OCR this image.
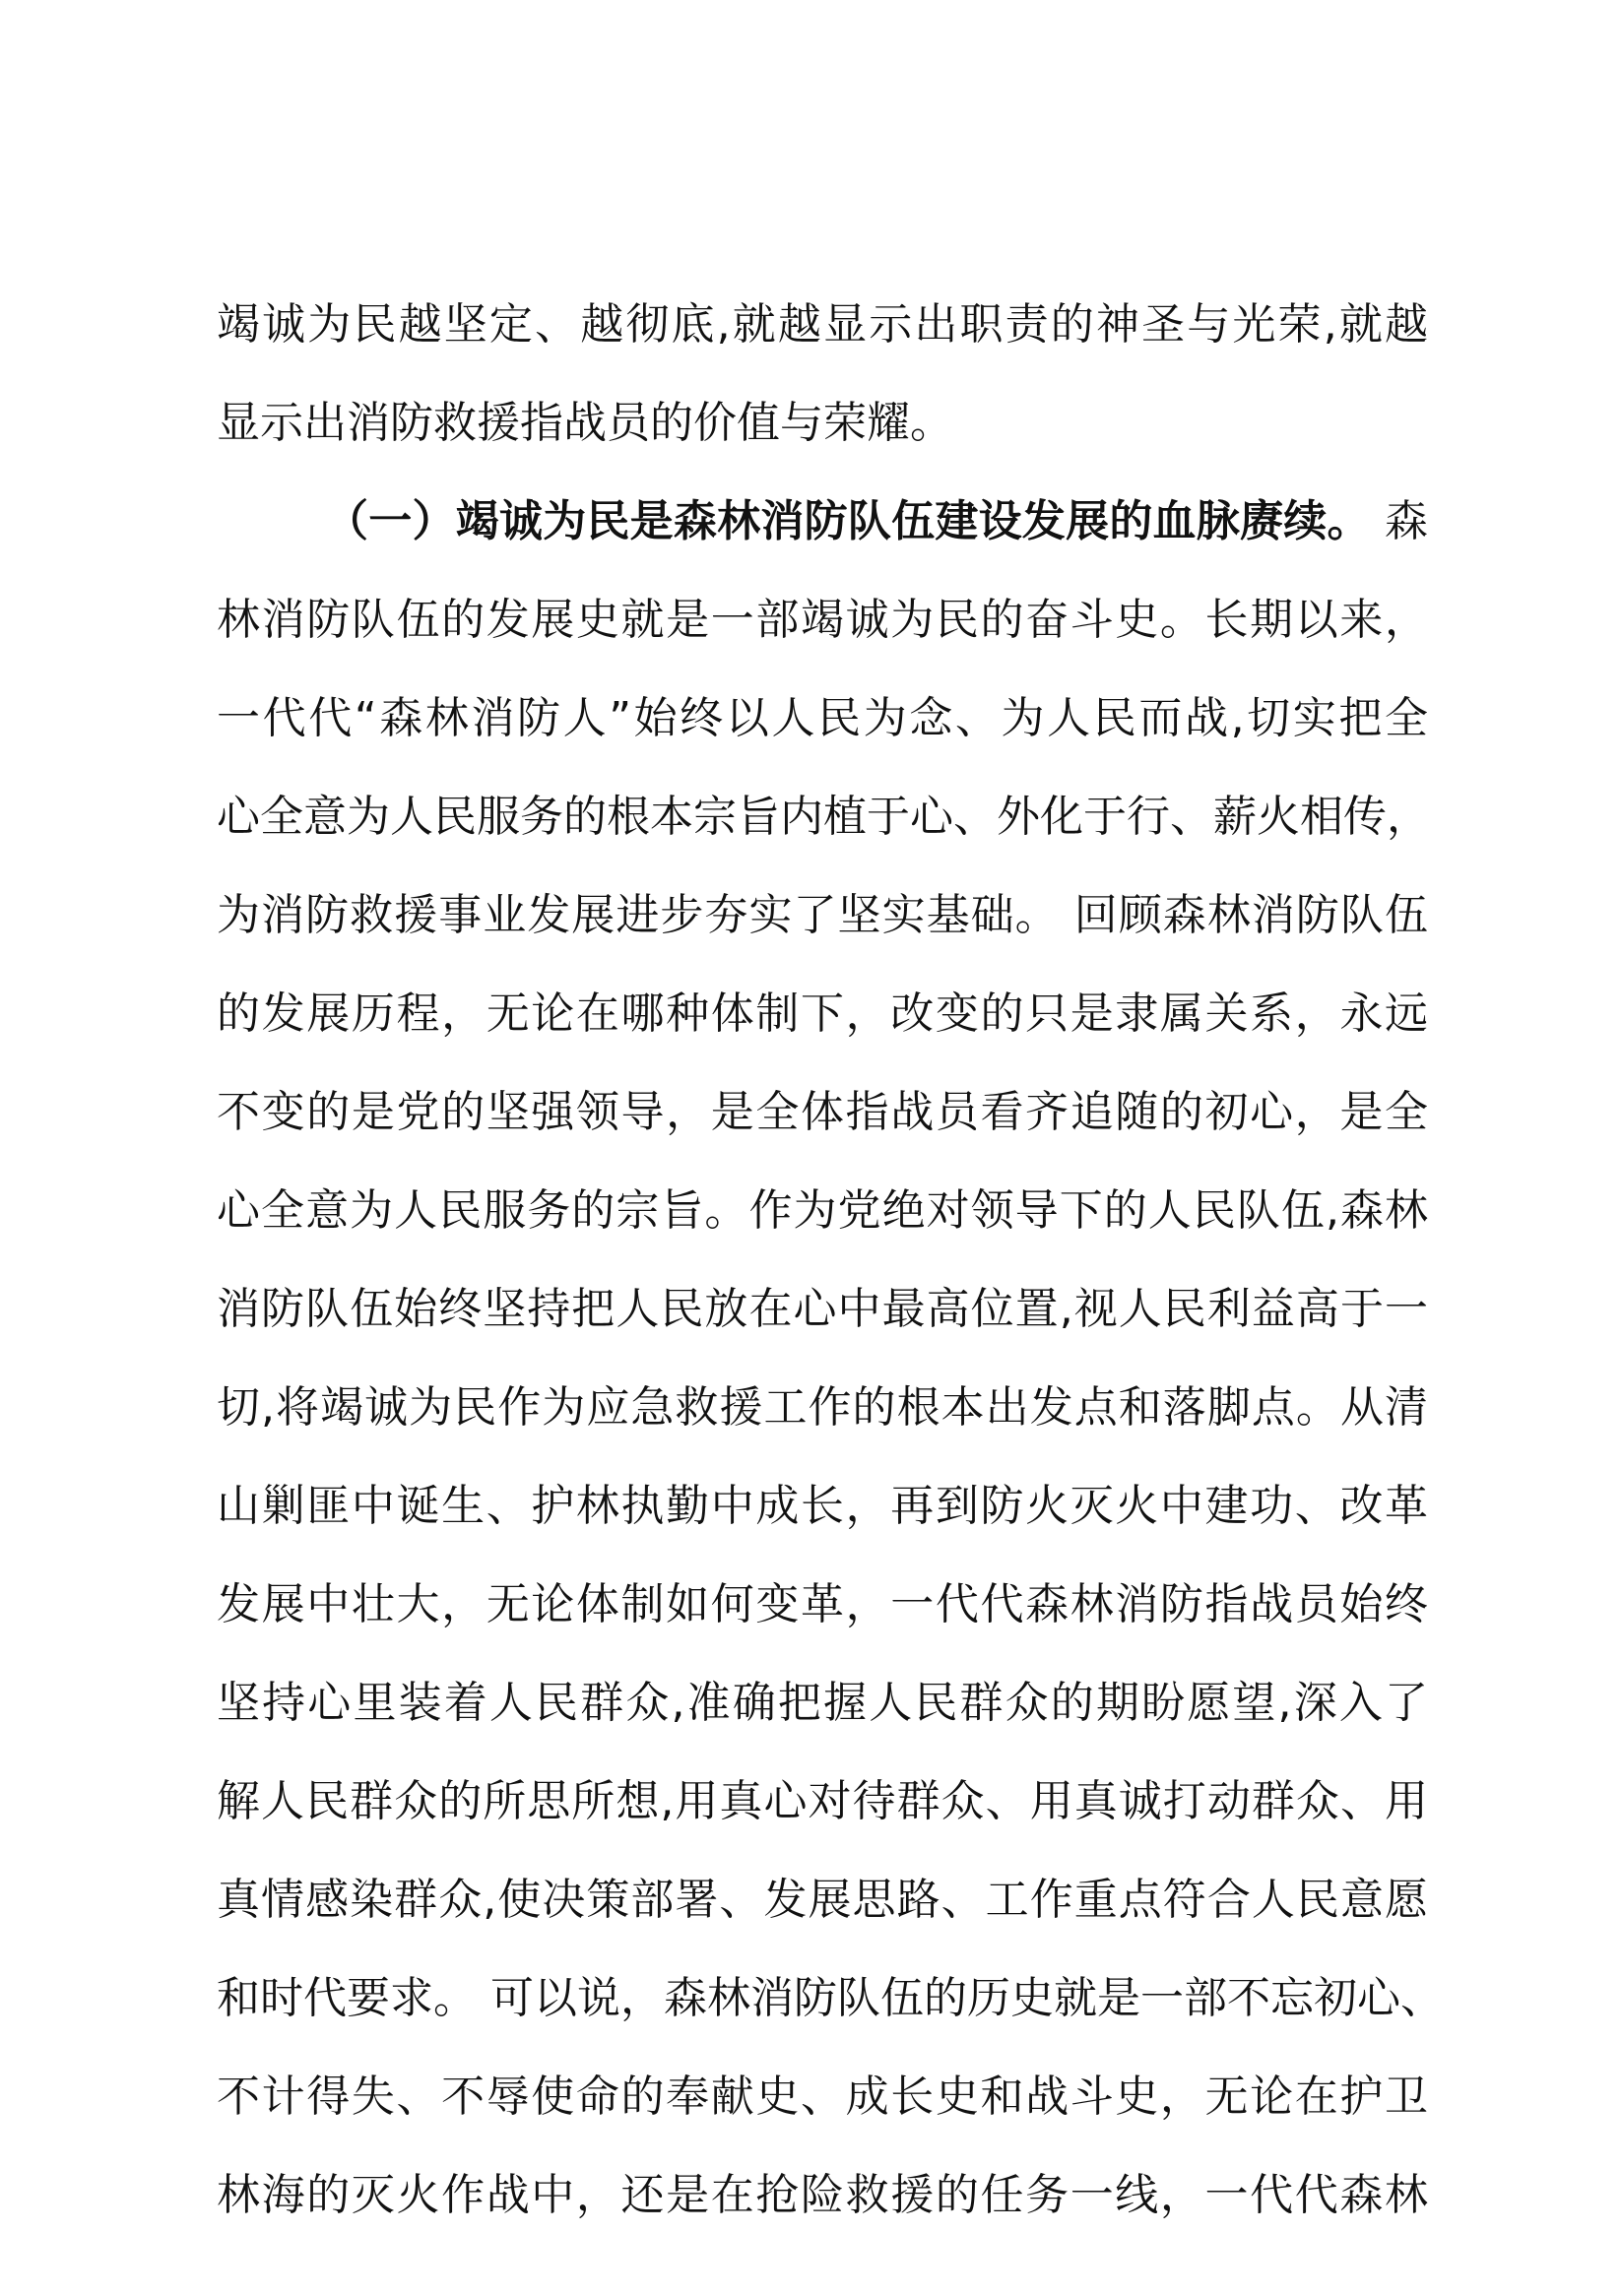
竭诚为民越坚定、越彻底,就越显示出职责的神圣与光荣,就越
显示出消防救援指战员的价值与荣耀。
（一）竭诚为民是森林消防队伍建设发展的血脉赓续。 森
林消防队伍的发展史就是一部竭诚为民的奋斗史。长期以来，
一代代“森林消防人”始终以人民为念、为人民而战,切实把全
心全意为人民服务的根本宗旨内植于心、外化于行、薪火相传，
为消防救援事业发展进步夯实了坚实基础。 回顾森林消防队伍
的发展历程，无论在哪种体制下，改变的只是隶属关系，永远
不变的是党的坚强领导，是全体指战员看齐追随的初心，是全
心全意为人民服务的宗旨。作为党绝对领导下的人民队伍,森林
消防队伍始终坚持把人民放在心中最高位置,视人民利益高于一
切,将竭诚为民作为应急救援工作的根本出发点和落脚点。从清
山剿匪中诞生、护林执勤中成长，再到防火灭火中建功、改革
发展中壮大，无论体制如何变革，一代代森林消防指战员始终
坚持心里装着人民群众,准确把握人民群众的期盼愿望,深入了
解人民群众的所思所想,用真心对待群众、用真诚打动群众、用
真情感染群众,使决策部署、发展思路、工作重点符合人民意愿
和时代要求。 可以说，森林消防队伍的历史就是一部不忘初心、
不计得失、不辱使命的奉献史、成长史和战斗史，无论在护卫
林海的灭火作战中，还是在抢险救援的任务一线，一代代森林
